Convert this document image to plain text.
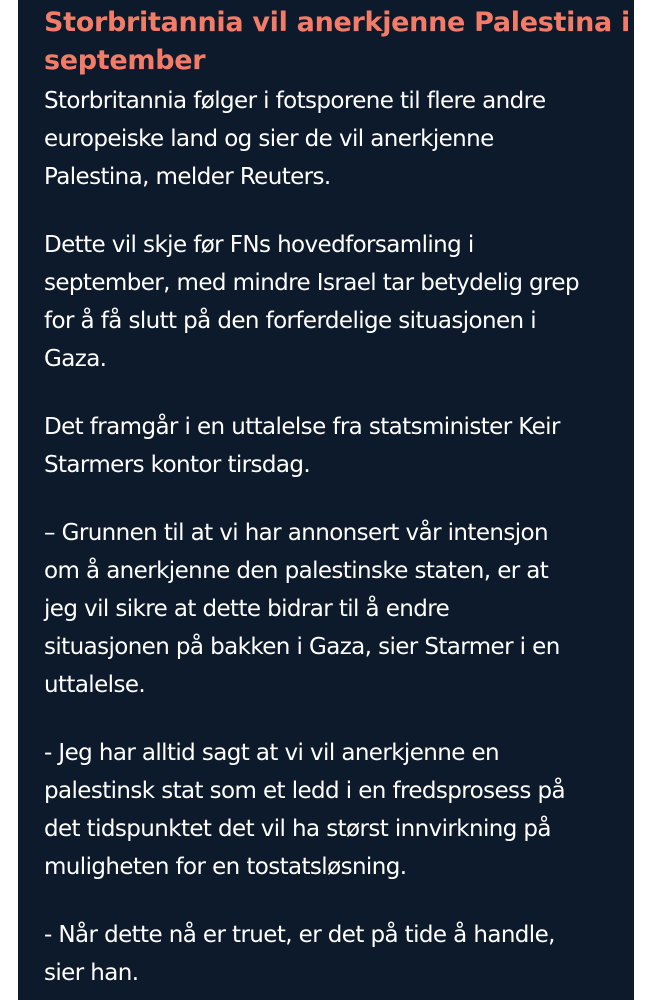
Storbritannia vil anerkjenne Palestina i
september

Storbritannia følger i fotsporene til flere andre
europeiske land og sier de vil anerkjenne
Palestina, melder Reuters.

Dette vil skje før FNs hovedforsamling i
september, med mindre Israel tar betydelig grep
for å få slutt på den forferdelige situasjonen i
Gaza.

Det framgår i en uttalelse fra statsminister Keir
Starmers kontor tirsdag.

– Grunnen til at vi har annonsert vår intensjon
om å anerkjenne den palestinske staten, er at
jeg vil sikre at dette bidrar til å endre
situasjonen på bakken i Gaza, sier Starmer i en
uttalelse.

- Jeg har alltid sagt at vi vil anerkjenne en
palestinsk stat som et ledd i en fredsprosess på
det tidspunktet det vil ha størst innvirkning på
muligheten for en tostatsløsning.

- Når dette nå er truet, er det på tide å handle,
sier han.
